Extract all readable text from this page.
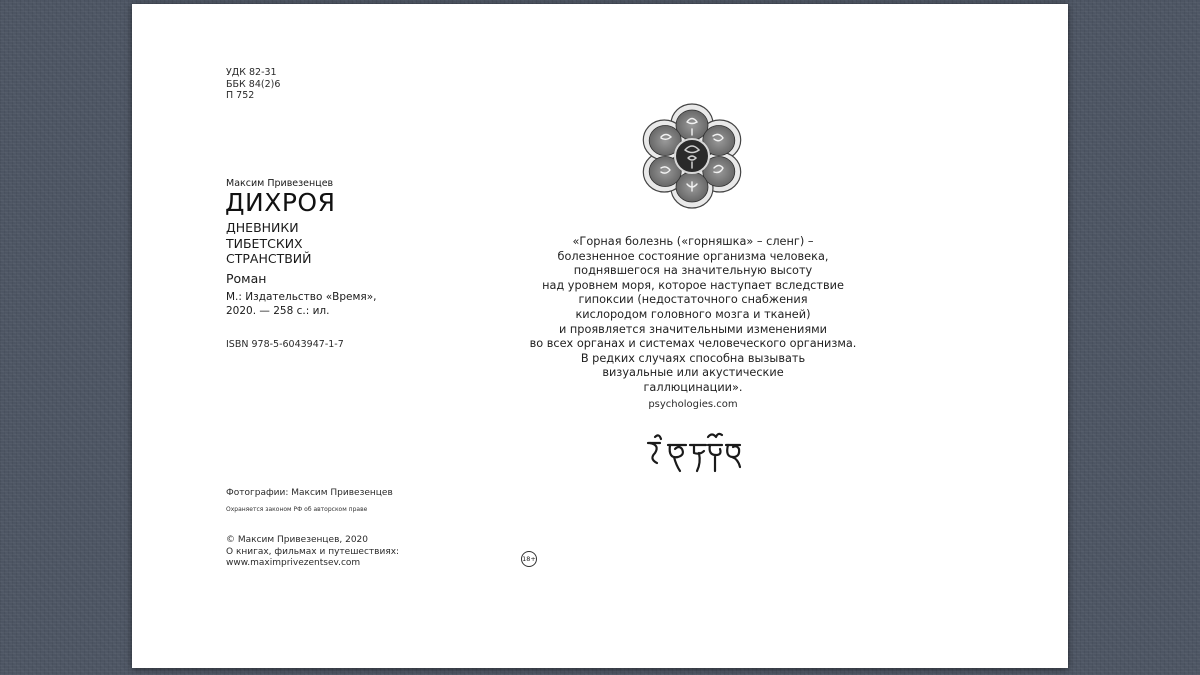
УДК 82-31
ББК 84(2)6
П 752
Максим Привезенцев
ДИХРОЯ
ДНЕВНИКИ
ТИБЕТСКИХ
СТРАНСТВИЙ
Роман
М.: Издательство «Время»,
2020. — 258 с.: ил.
ISBN 978-5-6043947-1-7
Фотографии: Максим Привезенцев
Охраняется законом РФ об авторском праве
© Максим Привезенцев, 2020
О книгах, фильмах и путешествиях:
www.maximprivezentsev.com	18+
«Горная болезнь («горняшка» – сленг) –
болезненное состояние организма человека,
поднявшегося на значительную высоту
над уровнем моря, которое наступает вследствие
гипоксии (недостаточного снабжения
кислородом головного мозга и тканей)
и проявляется значительными изменениями
во всех органах и системах человеческого организма.
В редких случаях способна вызывать
визуальные или акустические
галлюцинации».
psychologies.com
